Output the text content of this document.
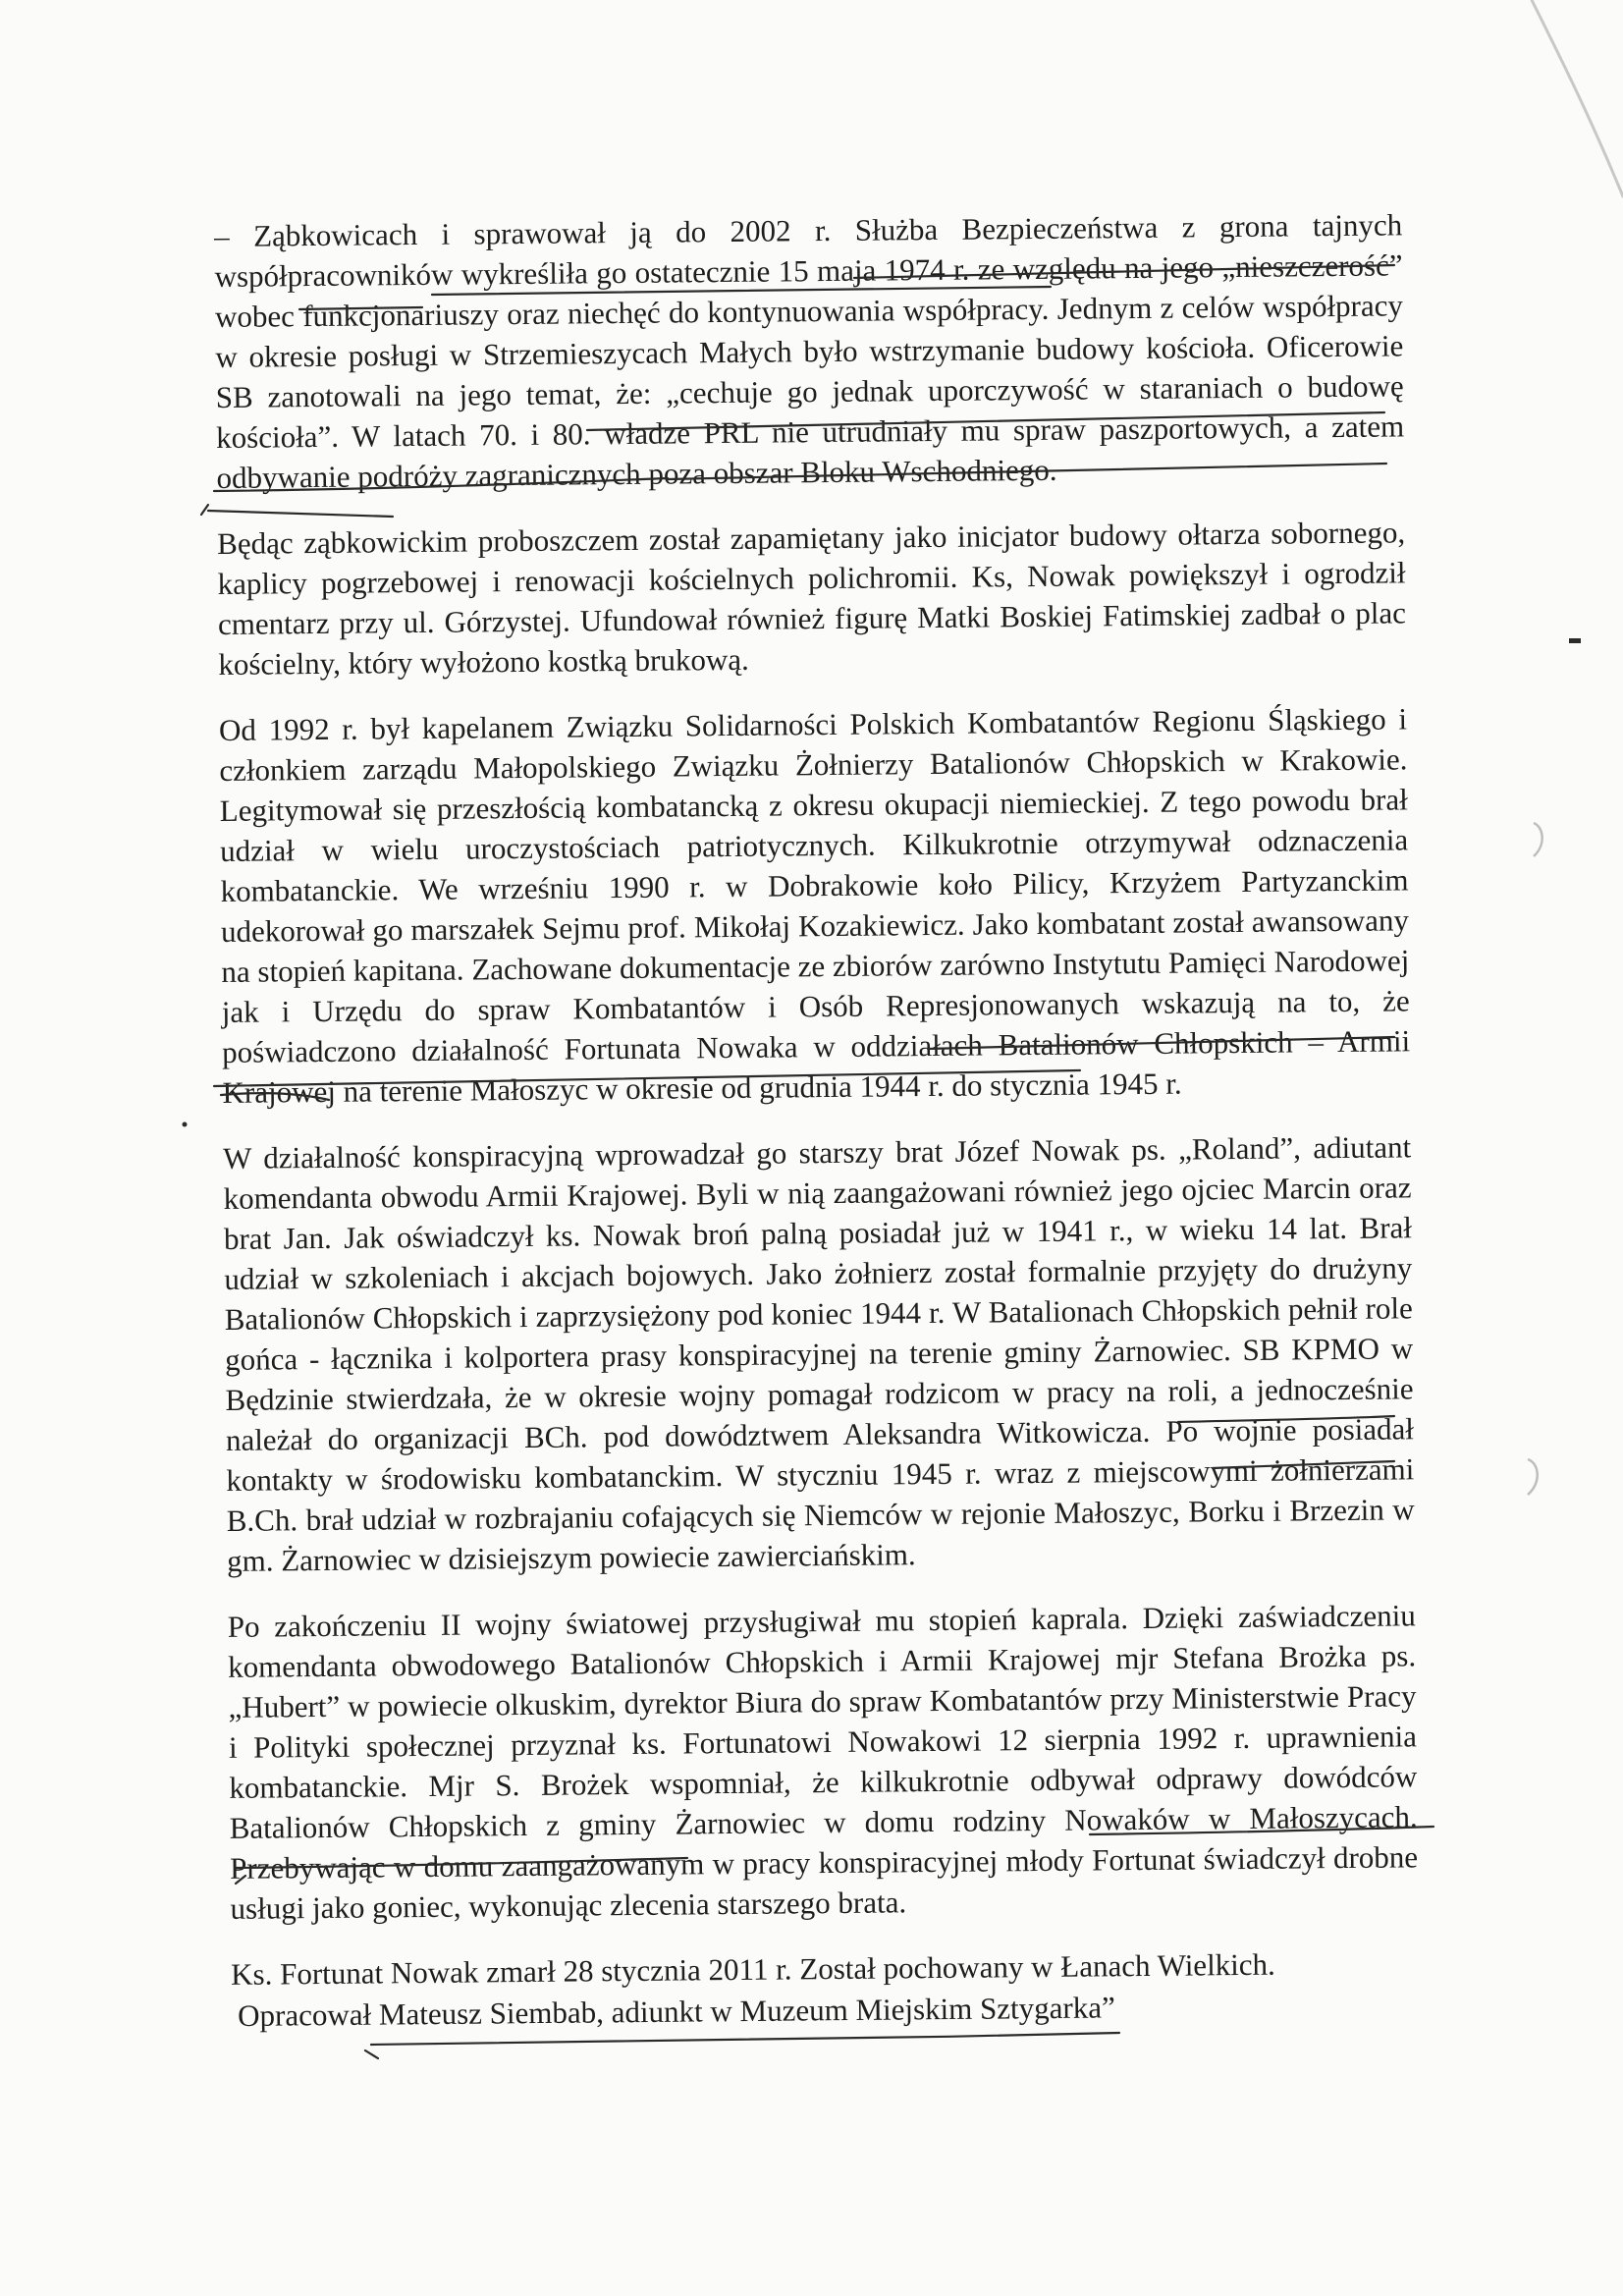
– Ząbkowicach i sprawował ją do 2002 r. Służba Bezpieczeństwa z grona tajnych współpracowników wykreśliła go ostatecznie 15 maja 1974 r. ze względu na jego „nieszczerość” wobec funkcjonariuszy oraz niechęć do kontynuowania współpracy. Jednym z celów współpracy w okresie posługi w Strzemieszycach Małych było wstrzymanie budowy kościoła. Oficerowie SB zanotowali na jego temat, że: „cechuje go jednak uporczywość w staraniach o budowę kościoła”. W latach 70. i 80. władze PRL nie utrudniały mu spraw paszportowych, a zatem odbywanie podróży zagranicznych poza obszar Bloku Wschodniego.

Będąc ząbkowickim proboszczem został zapamiętany jako inicjator budowy ołtarza sobornego, kaplicy pogrzebowej i renowacji kościelnych polichromii. Ks, Nowak powiększył i ogrodził cmentarz przy ul. Górzystej. Ufundował również figurę Matki Boskiej Fatimskiej zadbał o plac kościelny, który wyłożono kostką brukową.

Od 1992 r. był kapelanem Związku Solidarności Polskich Kombatantów Regionu Śląskiego i członkiem zarządu Małopolskiego Związku Żołnierzy Batalionów Chłopskich w Krakowie. Legitymował się przeszłością kombatancką z okresu okupacji niemieckiej. Z tego powodu brał udział w wielu uroczystościach patriotycznych. Kilkukrotnie otrzymywał odznaczenia kombatanckie. We wrześniu 1990 r. w Dobrakowie koło Pilicy, Krzyżem Partyzanckim udekorował go marszałek Sejmu prof. Mikołaj Kozakiewicz. Jako kombatant został awansowany na stopień kapitana. Zachowane dokumentacje ze zbiorów zarówno Instytutu Pamięci Narodowej jak i Urzędu do spraw Kombatantów i Osób Represjonowanych wskazują na to, że poświadczono działalność Fortunata Nowaka w oddziałach Batalionów Chłopskich – Armii Krajowej na terenie Małoszyc w okresie od grudnia 1944 r. do stycznia 1945 r.

W działalność konspiracyjną wprowadzał go starszy brat Józef Nowak ps. „Roland”, adiutant komendanta obwodu Armii Krajowej. Byli w nią zaangażowani również jego ojciec Marcin oraz brat Jan. Jak oświadczył ks. Nowak broń palną posiadał już w 1941 r., w wieku 14 lat. Brał udział w szkoleniach i akcjach bojowych. Jako żołnierz został formalnie przyjęty do drużyny Batalionów Chłopskich i zaprzysiężony pod koniec 1944 r. W Batalionach Chłopskich pełnił role gońca - łącznika i kolportera prasy konspiracyjnej na terenie gminy Żarnowiec. SB KPMO w Będzinie stwierdzała, że w okresie wojny pomagał rodzicom w pracy na roli, a jednocześnie należał do organizacji BCh. pod dowództwem Aleksandra Witkowicza. Po wojnie posiadał kontakty w środowisku kombatanckim. W styczniu 1945 r. wraz z miejscowymi żołnierzami B.Ch. brał udział w rozbrajaniu cofających się Niemców w rejonie Małoszyc, Borku i Brzezin w gm. Żarnowiec w dzisiejszym powiecie zawierciańskim.

Po zakończeniu II wojny światowej przysługiwał mu stopień kaprala. Dzięki zaświadczeniu komendanta obwodowego Batalionów Chłopskich i Armii Krajowej mjr Stefana Brożka ps. „Hubert” w powiecie olkuskim, dyrektor Biura do spraw Kombatantów przy Ministerstwie Pracy i Polityki społecznej przyznał ks. Fortunatowi Nowakowi 12 sierpnia 1992 r. uprawnienia kombatanckie. Mjr S. Brożek wspomniał, że kilkukrotnie odbywał odprawy dowódców Batalionów Chłopskich z gminy Żarnowiec w domu rodziny Nowaków w Małoszycach. Przebywając w domu zaangażowanym w pracy konspiracyjnej młody Fortunat świadczył drobne usługi jako goniec, wykonując zlecenia starszego brata.

Ks. Fortunat Nowak zmarł 28 stycznia 2011 r. Został pochowany w Łanach Wielkich.

Opracował Mateusz Siembab, adiunkt w Muzeum Miejskim Sztygarka”
